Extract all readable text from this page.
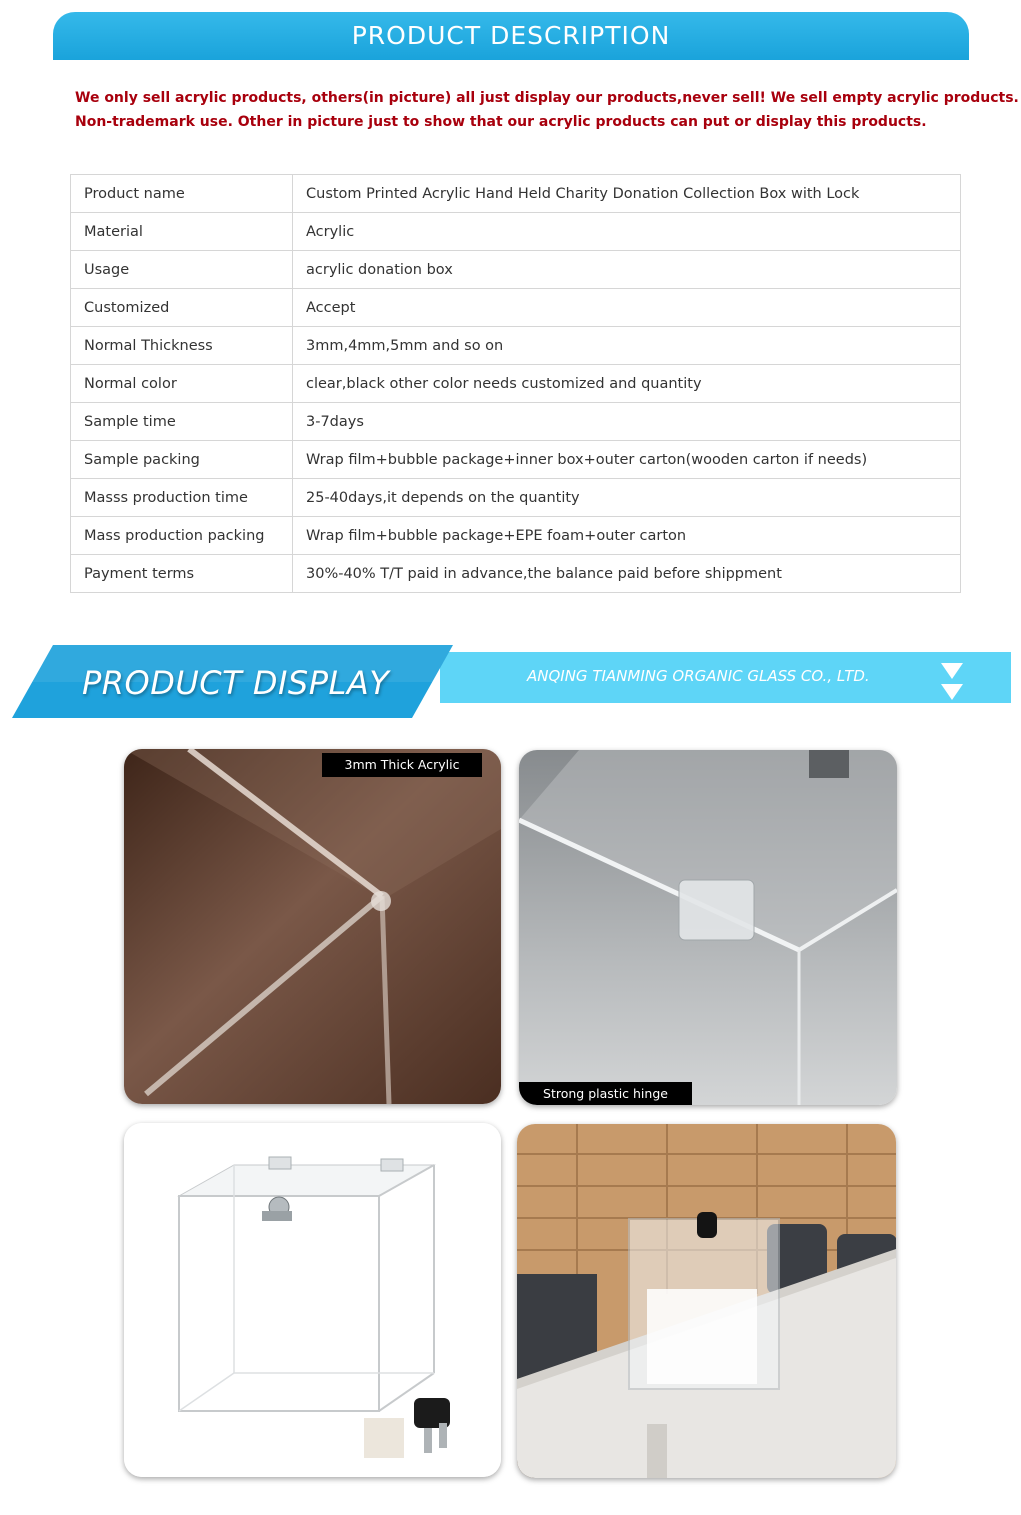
PRODUCT DESCRIPTION
We only sell acrylic products, others(in picture) all just display our products,never sell! We sell empty acrylic products.
Non-trademark use. Other in picture just to show that our acrylic products can put or display this products.
Product name	Custom Printed Acrylic Hand Held Charity Donation Collection Box with Lock
Material	Acrylic
Usage	acrylic donation box
Customized	Accept
Normal Thickness	3mm,4mm,5mm and so on
Normal color	clear,black other color needs customized and quantity
Sample time	3-7days
Sample packing	Wrap film+bubble package+inner box+outer carton(wooden carton if needs)
Masss production time	25-40days,it depends on the quantity
Mass production packing	Wrap film+bubble package+EPE foam+outer carton
Payment terms	30%-40% T/T paid in advance,the balance paid before shippment
PRODUCT DISPLAY	ANQING TIANMING ORGANIC GLASS CO., LTD.
3mm Thick Acrylic
Strong plastic hinge
